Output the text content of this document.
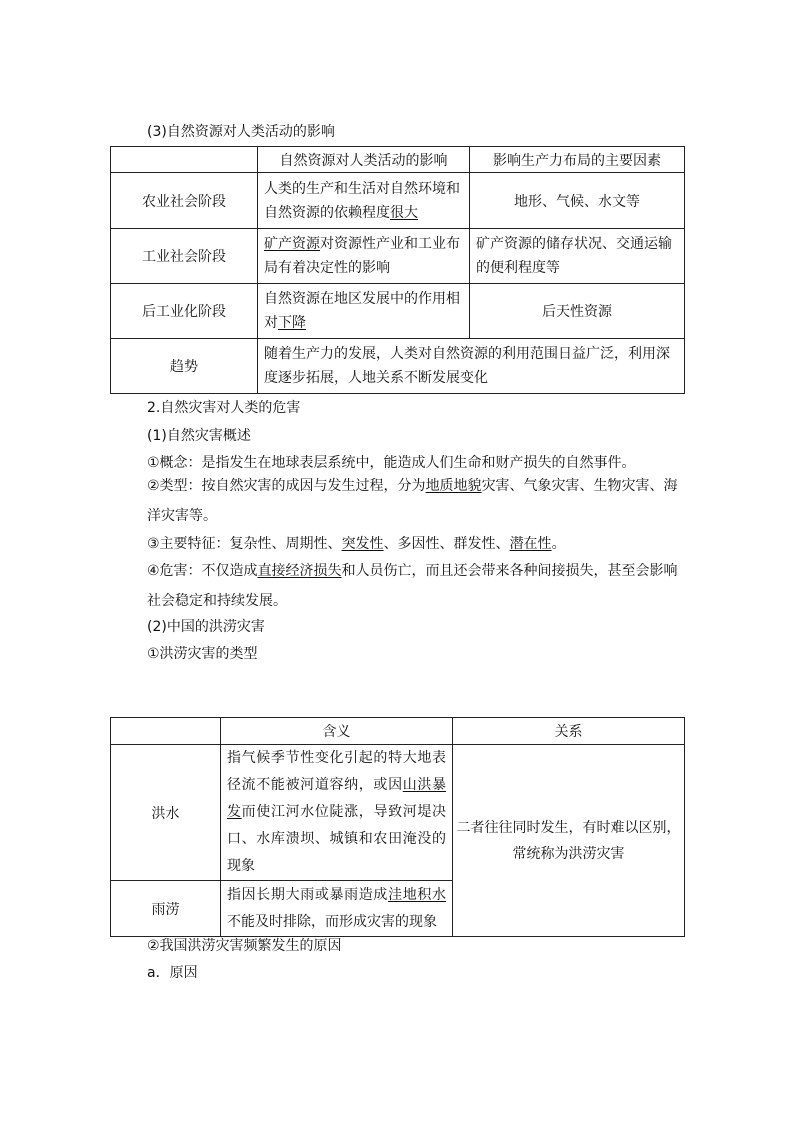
(3)自然资源对人类活动的影响
	自然资源对人类活动的影响	影响生产力布局的主要因素
农业社会阶段	人类的生产和生活对自然环境和自然资源的依赖程度很大	地形、气候、水文等
工业社会阶段	矿产资源对资源性产业和工业布局有着决定性的影响	矿产资源的储存状况、交通运输的便利程度等
后工业化阶段	自然资源在地区发展中的作用相对下降	后天性资源
趋势	随着生产力的发展，人类对自然资源的利用范围日益广泛，利用深度逐步拓展，人地关系不断发展变化	
2.自然灾害对人类的危害
(1)自然灾害概述
①概念：是指发生在地球表层系统中，能造成人们生命和财产损失的自然事件。
②类型：按自然灾害的成因与发生过程，分为地质地貌灾害、气象灾害、生物灾害、海洋灾害等。
③主要特征：复杂性、周期性、突发性、多因性、群发性、潜在性。
④危害：不仅造成直接经济损失和人员伤亡，而且还会带来各种间接损失，甚至会影响社会稳定和持续发展。
(2)中国的洪涝灾害
①洪涝灾害的类型
	含义	关系
洪水	指气候季节性变化引起的特大地表径流不能被河道容纳，或因山洪暴发而使江河水位陡涨，导致河堤决口、水库溃坝、城镇和农田淹没的现象	二者往往同时发生，有时难以区别，常统称为洪涝灾害
雨涝	指因长期大雨或暴雨造成洼地积水不能及时排除，而形成灾害的现象	
②我国洪涝灾害频繁发生的原因
a．原因
